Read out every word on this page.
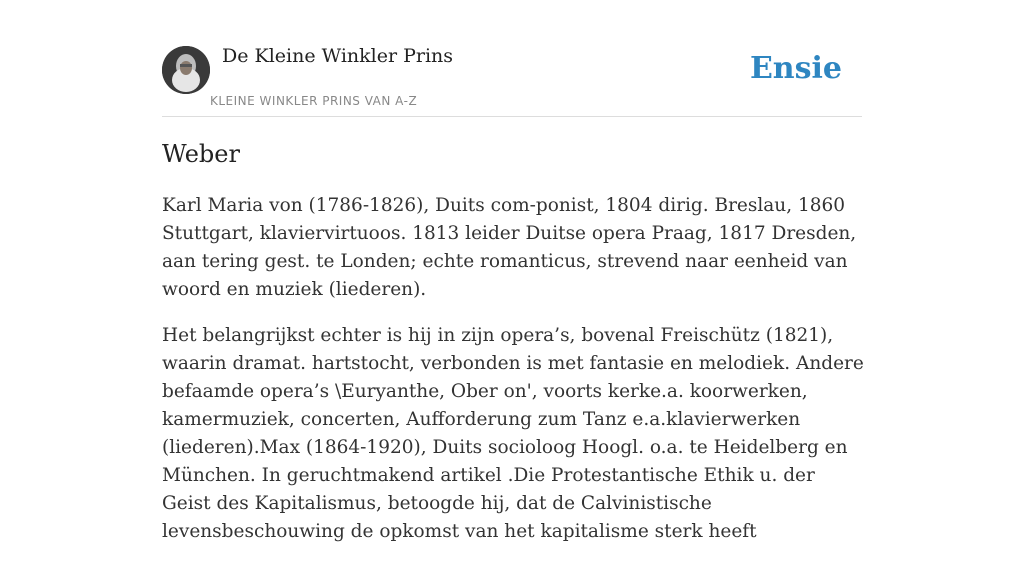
De Kleine Winkler Prins
KLEINE WINKLER PRINS VAN A-Z
Ensie
Weber

Karl Maria von (1786-1826), Duits com-ponist, 1804 dirig. Breslau, 1860 Stuttgart, klaviervirtuoos. 1813 leider Duitse opera Praag, 1817 Dresden, aan tering gest. te Londen; echte romanticus, strevend naar eenheid van woord en muziek (liederen).

Het belangrijkst echter is hij in zijn opera’s, bovenal Freischütz (1821), waarin dramat. hartstocht, verbonden is met fantasie en melodiek. Andere befaamde opera’s \Euryanthe, Ober on', voorts kerke.a. koorwerken, kamermuziek, concerten, Aufforderung zum Tanz e.a.klavierwerken (liederen).Max (1864-1920), Duits socioloog Hoogl. o.a. te Heidelberg en München. In geruchtmakend artikel .Die Protestantische Ethik u. der Geist des Kapitalismus, betoogde hij, dat de Calvinistische levensbeschouwing de opkomst van het kapitalisme sterk heeft
